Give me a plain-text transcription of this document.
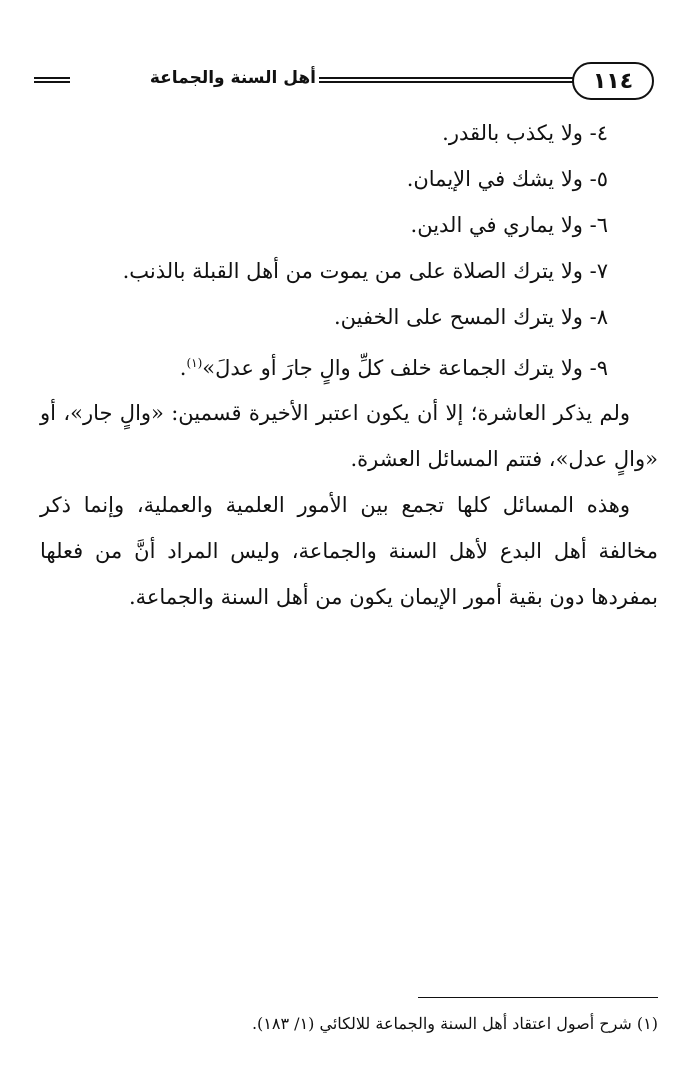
١١٤
أهل السنة والجماعة
٤- ولا يكذب بالقدر.
٥- ولا يشك في الإيمان.
٦- ولا يماري في الدين.
٧- ولا يترك الصلاة على من يموت من أهل القبلة بالذنب.
٨- ولا يترك المسح على الخفين.
٩- ولا يترك الجماعة خلف كلِّ والٍ جارَ أو عدلَ»$^{(١)}$.
ولم يذكر العاشرة؛ إلا أن يكون اعتبر الأخيرة قسمين: «والٍ جار»، أو «والٍ عدل»، فتتم المسائل العشرة.
وهذه المسائل كلها تجمع بين الأمور العلمية والعملية، وإنما ذكر مخالفة أهل البدع لأهل السنة والجماعة، وليس المراد أنَّ من فعلها بمفردها دون بقية أمور الإيمان يكون من أهل السنة والجماعة.
(١) شرح أصول اعتقاد أهل السنة والجماعة للالكائي (١/ ١٨٣).
